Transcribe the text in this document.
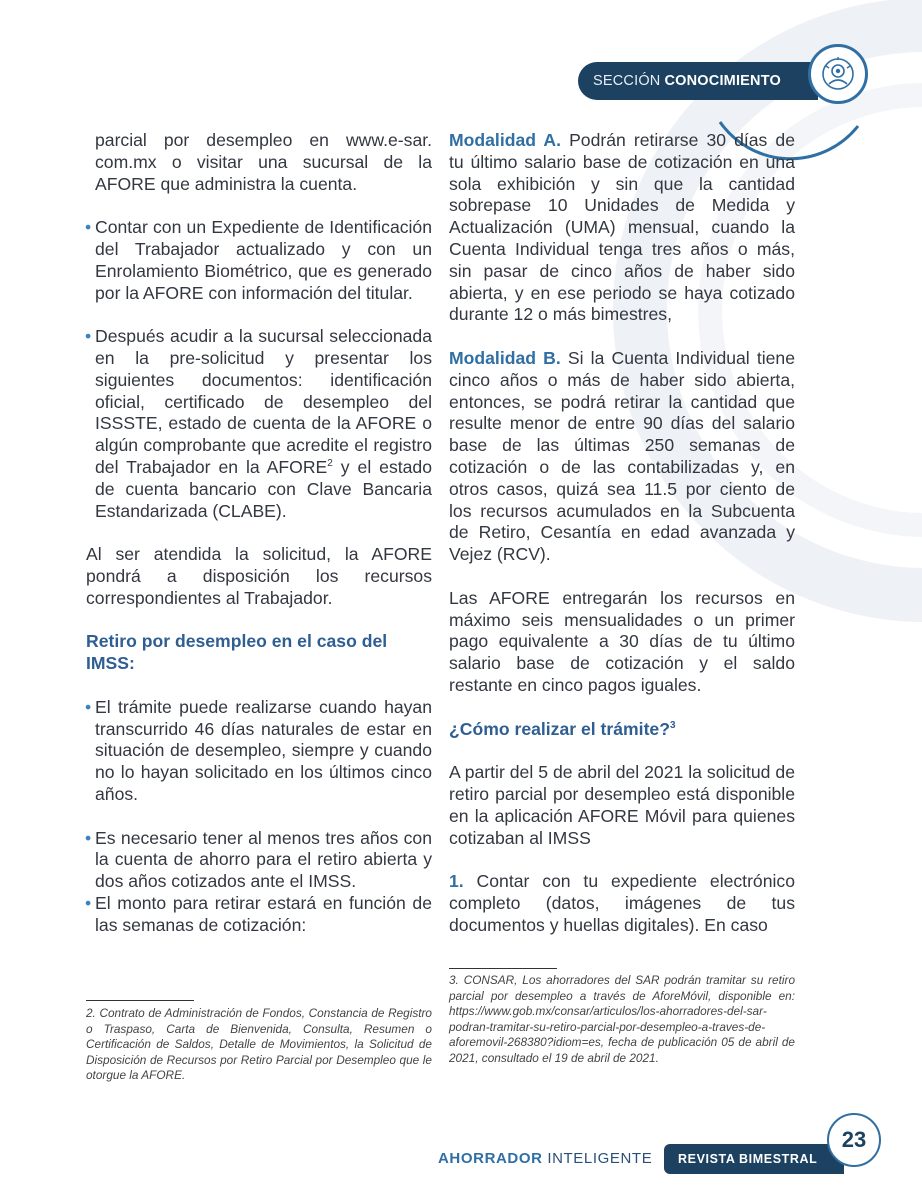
SECCIÓN CONOCIMIENTO

parcial por desempleo en www.e-sar. com.mx o visitar una sucursal de la AFORE que administra la cuenta.

• Contar con un Expediente de Identificación del Trabajador actualizado y con un Enrolamiento Biométrico, que es generado por la AFORE con información del titular.
• Después acudir a la sucursal seleccionada en la pre-solicitud y presentar los siguientes documentos: identificación oficial, certificado de desempleo del ISSSTE, estado de cuenta de la AFORE o algún comprobante que acredite el registro del Trabajador en la AFORE$^2$ y el estado de cuenta bancario con Clave Bancaria Estandarizada (CLABE).

Al ser atendida la solicitud, la AFORE pondrá a disposición los recursos correspondientes al Trabajador.

Retiro por desempleo en el caso del IMSS:
• El trámite puede realizarse cuando hayan transcurrido 46 días naturales de estar en situación de desempleo, siempre y cuando no lo hayan solicitado en los últimos cinco años.
• Es necesario tener al menos tres años con la cuenta de ahorro para el retiro abierta y dos años cotizados ante el IMSS.
• El monto para retirar estará en función de las semanas de cotización:

2. Contrato de Administración de Fondos, Constancia de Registro o Traspaso, Carta de Bienvenida, Consulta, Resumen o Certificación de Saldos, Detalle de Movimientos, la Solicitud de Disposición de Recursos por Retiro Parcial por Desempleo que le otorgue la AFORE.

Modalidad A. Podrán retirarse 30 días de tu último salario base de cotización en una sola exhibición y sin que la cantidad sobrepase 10 Unidades de Medida y Actualización (UMA) mensual, cuando la Cuenta Individual tenga tres años o más, sin pasar de cinco años de haber sido abierta, y en ese periodo se haya cotizado durante 12 o más bimestres,

Modalidad B. Si la Cuenta Individual tiene cinco años o más de haber sido abierta, entonces, se podrá retirar la cantidad que resulte menor de entre 90 días del salario base de las últimas 250 semanas de cotización o de las contabilizadas y, en otros casos, quizá sea 11.5 por ciento de los recursos acumulados en la Subcuenta de Retiro, Cesantía en edad avanzada y Vejez (RCV).

Las AFORE entregarán los recursos en máximo seis mensualidades o un primer pago equivalente a 30 días de tu último salario base de cotización y el saldo restante en cinco pagos iguales.

¿Cómo realizar el trámite?$^3$

A partir del 5 de abril del 2021 la solicitud de retiro parcial por desempleo está disponible en la aplicación AFORE Móvil para quienes cotizaban al IMSS

1. Contar con tu expediente electrónico completo (datos, imágenes de tus documentos y huellas digitales). En caso

3. CONSAR, Los ahorradores del SAR podrán tramitar su retiro parcial por desempleo a través de AforeMóvil, disponible en: https://www.gob.mx/consar/articulos/los-ahorradores-del-sar-podran-tramitar-su-retiro-parcial-por-desempleo-a-traves-de-aforemovil-268380?idiom=es, fecha de publicación 05 de abril de 2021, consultado el 19 de abril de 2021.

AHORRADOR INTELIGENTE	REVISTA BIMESTRAL
23
